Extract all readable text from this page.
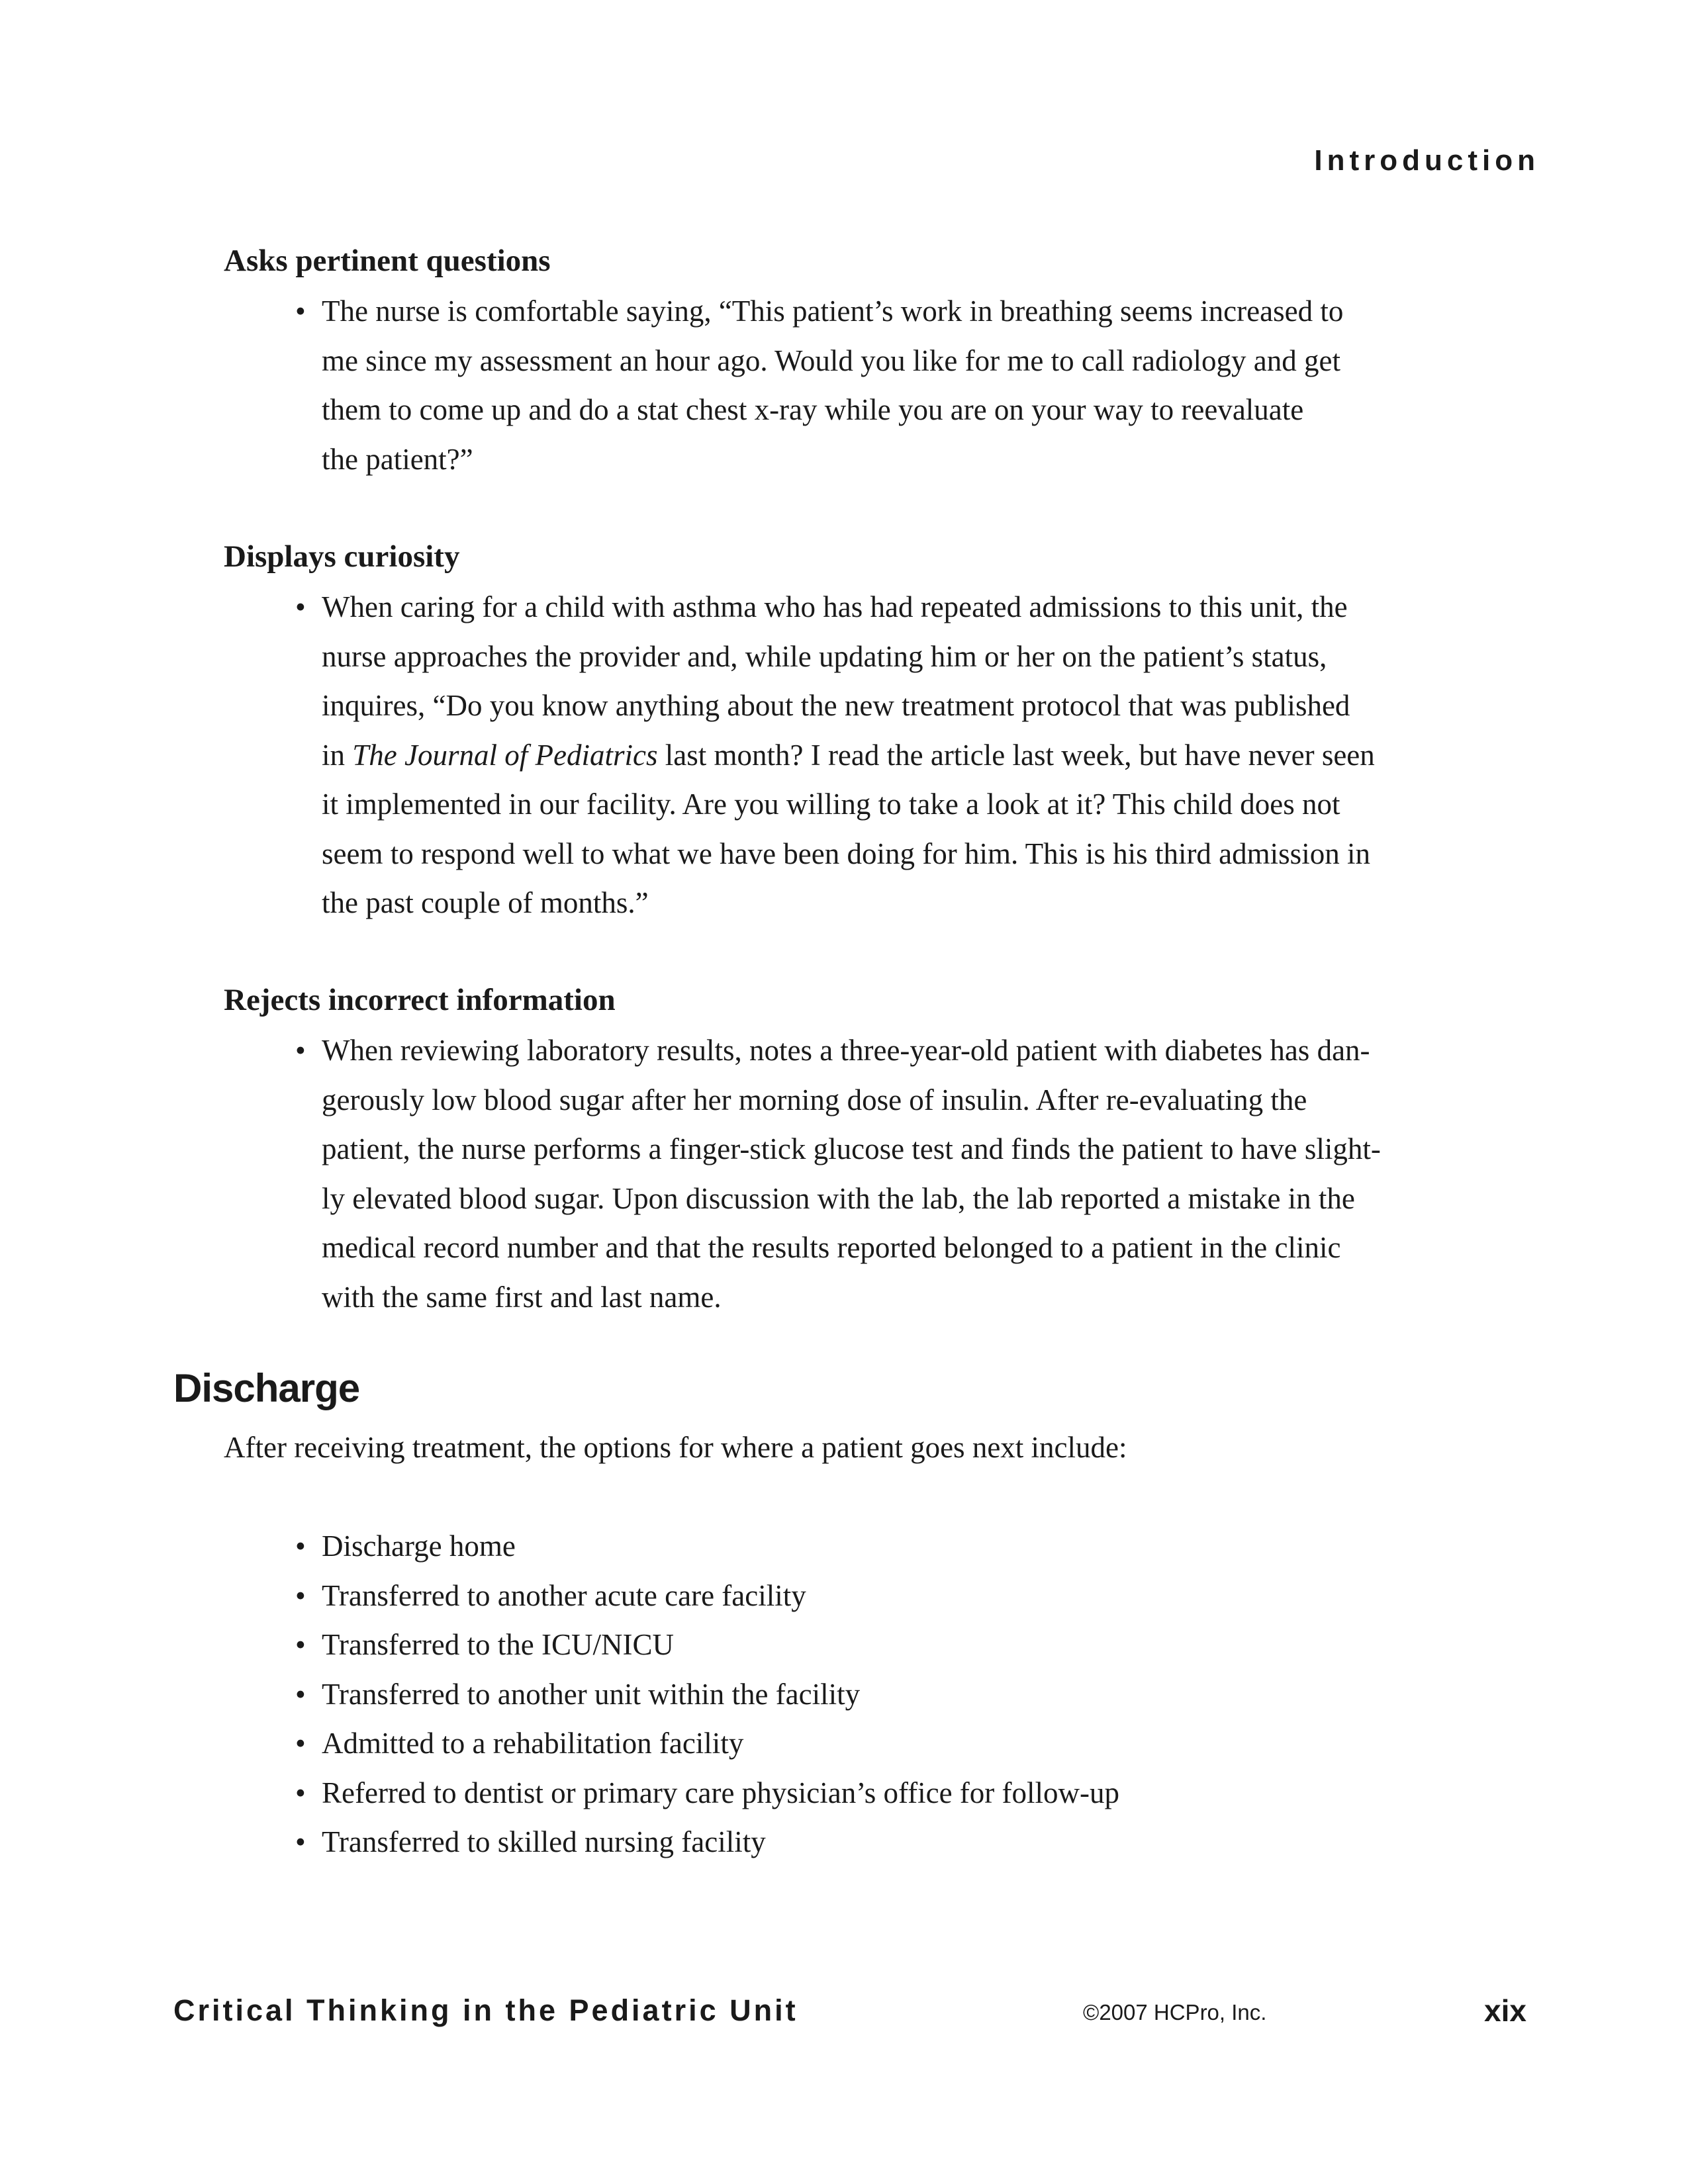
Introduction

Asks pertinent questions
• The nurse is comfortable saying, “This patient’s work in breathing seems increased to
me since my assessment an hour ago. Would you like for me to call radiology and get
them to come up and do a stat chest x-ray while you are on your way to reevaluate
the patient?”
Displays curiosity
• When caring for a child with asthma who has had repeated admissions to this unit, the
nurse approaches the provider and, while updating him or her on the patient’s status,
inquires, “Do you know anything about the new treatment protocol that was published
in The Journal of Pediatrics last month? I read the article last week, but have never seen
it implemented in our facility. Are you willing to take a look at it? This child does not
seem to respond well to what we have been doing for him. This is his third admission in
the past couple of months.”
Rejects incorrect information
• When reviewing laboratory results, notes a three-year-old patient with diabetes has dan-
gerously low blood sugar after her morning dose of insulin. After re-evaluating the
patient, the nurse performs a finger-stick glucose test and finds the patient to have slight-
ly elevated blood sugar. Upon discussion with the lab, the lab reported a mistake in the
medical record number and that the results reported belonged to a patient in the clinic
with the same first and last name.
Discharge

After receiving treatment, the options for where a patient goes next include:

• Discharge home
• Transferred to another acute care facility
• Transferred to the ICU/NICU
• Transferred to another unit within the facility
• Admitted to a rehabilitation facility
• Referred to dentist or primary care physician’s office for follow-up
• Transferred to skilled nursing facility

Critical Thinking in the Pediatric Unit	©2007 HCPro, Inc.	xix
